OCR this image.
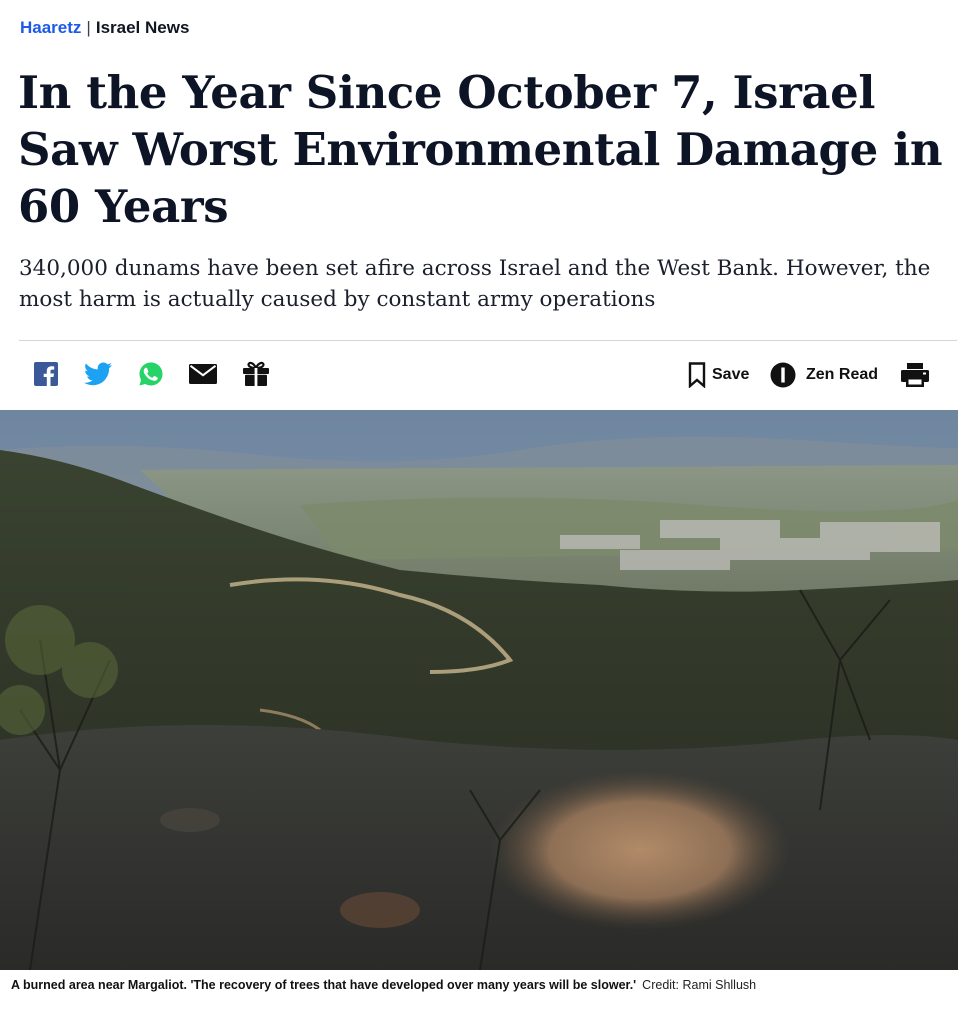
Haaretz | Israel News
In the Year Since October 7, Israel Saw Worst Environmental Damage in 60 Years

340,000 dunams have been set afire across Israel and the West Bank. However, the most harm is actually caused by constant army operations

Save	Zen Read
A burned area near Margaliot. 'The recovery of trees that have developed over many years will be slower.' Credit: Rami Shllush
